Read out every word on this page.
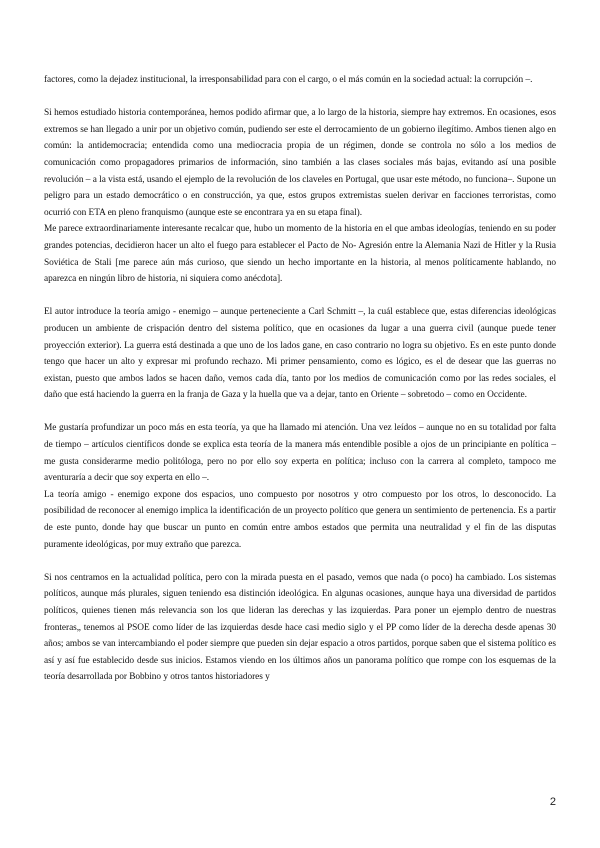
factores, como la dejadez institucional, la irresponsabilidad para con el cargo, o el más común en la sociedad actual: la corrupción –.

Si hemos estudiado historia contemporánea, hemos podido afirmar que, a lo largo de la historia, siempre hay extremos. En ocasiones, esos extremos se han llegado a unir por un objetivo común, pudiendo ser este el derrocamiento de un gobierno ilegítimo. Ambos tienen algo en común: la antidemocracia; entendida como una mediocracia propia de un régimen, donde se controla no sólo a los medios de comunicación como propagadores primarios de información, sino también a las clases sociales más bajas, evitando así una posible revolución – a la vista está, usando el ejemplo de la revolución de los claveles en Portugal, que usar este método, no funciona–. Supone un peligro para un estado democrático o en construcción, ya que, estos grupos extremistas suelen derivar en facciones terroristas, como ocurrió con ETA en pleno franquismo (aunque este se encontrara ya en su etapa final).

Me parece extraordinariamente interesante recalcar que, hubo un momento de la historia en el que ambas ideologías, teniendo en su poder grandes potencias, decidieron hacer un alto el fuego para establecer el Pacto de No- Agresión entre la Alemania Nazi de Hitler y la Rusia Soviética de Stali [me parece aún más curioso, que siendo un hecho importante en la historia, al menos políticamente hablando, no aparezca en ningún libro de historia, ni siquiera como anécdota].

El autor introduce la teoría amigo - enemigo – aunque perteneciente a Carl Schmitt –, la cuál establece que, estas diferencias ideológicas producen un ambiente de crispación dentro del sistema político, que en ocasiones da lugar a una guerra civil (aunque puede tener proyección exterior). La guerra está destinada a que uno de los lados gane, en caso contrario no logra su objetivo. Es en este punto donde tengo que hacer un alto y expresar mi profundo rechazo. Mi primer pensamiento, como es lógico, es el de desear que las guerras no existan, puesto que ambos lados se hacen daño, vemos cada día, tanto por los medios de comunicación como por las redes sociales, el daño que está haciendo la guerra en la franja de Gaza y la huella que va a dejar, tanto en Oriente – sobretodo – como en Occidente.

Me gustaría profundizar un poco más en esta teoría, ya que ha llamado mi atención. Una vez leídos – aunque no en su totalidad por falta de tiempo – artículos científicos donde se explica esta teoría de la manera más entendible posible a ojos de un principiante en política – me gusta considerarme medio politóloga, pero no por ello soy experta en política; incluso con la carrera al completo, tampoco me aventuraría a decir que soy experta en ello –.

La teoría amigo - enemigo expone dos espacios, uno compuesto por nosotros y otro compuesto por los otros, lo desconocido. La posibilidad de reconocer al enemigo implica la identificación de un proyecto político que genera un sentimiento de pertenencia. Es a partir de este punto, donde hay que buscar un punto en común entre ambos estados que permita una neutralidad y el fin de las disputas puramente ideológicas, por muy extraño que parezca.

Si nos centramos en la actualidad política, pero con la mirada puesta en el pasado, vemos que nada (o poco) ha cambiado. Los sistemas políticos, aunque más plurales, siguen teniendo esa distinción ideológica. En algunas ocasiones, aunque haya una diversidad de partidos políticos, quienes tienen más relevancia son los que lideran las derechas y las izquierdas. Para poner un ejemplo dentro de nuestras fronteras„ tenemos al PSOE como líder de las izquierdas desde hace casi medio siglo y el PP como líder de la derecha desde apenas 30 años; ambos se van intercambiando el poder siempre que pueden sin dejar espacio a otros partidos, porque saben que el sistema político es así y así fue establecido desde sus inicios. Estamos viendo en los últimos años un panorama político que rompe con los esquemas de la teoría desarrollada por Bobbino y otros tantos historiadores y

2
